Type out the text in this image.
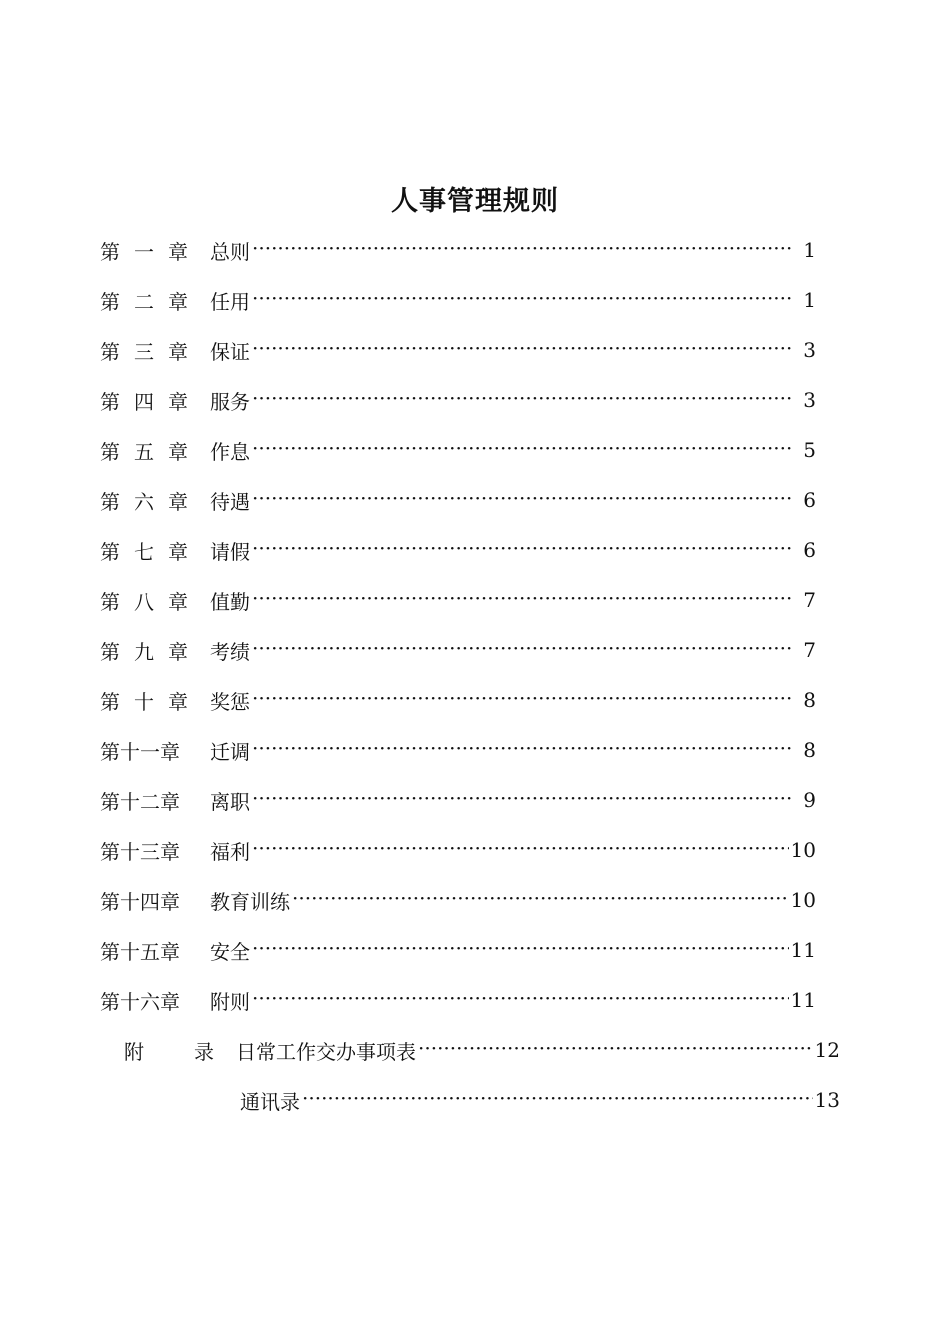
人事管理规则
第 一 章 总则 ·····	1
第 二 章 任用 ·····	1
第 三 章 保证 ·····	3
第 四 章 服务 ·····	3
第 五 章 作息 ·····	5
第 六 章 待遇 ·····	6
第 七 章 请假 ·····	6
第 八 章 值勤 ·····	7
第 九 章 考绩 ·····	7
第 十 章 奖惩 ·····	8
第十一章	迁调 ·····	8
第十二章	离职 ·····	9
第十三章	福利 ·····	10
第十四章	教育训练 ·····	10
第十五章	安全 ·····	11
第十六章	附则 ·····	11
附	录 日常工作交办事项表 ·····	12
通讯录 ·····	13
